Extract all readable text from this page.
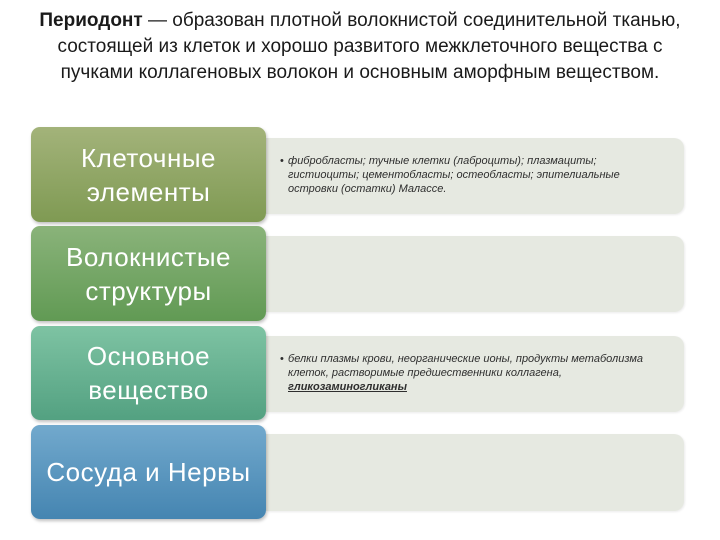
Периодонт — образован плотной волокнистой соединительной тканью, состоящей из клеток и хорошо развитого межклеточного вещества с пучками коллагеновых волокон и основным аморфным веществом.
Клеточные элементы
• фибробласты; тучные клетки (лаброциты); плазмациты; гистиоциты; цементобласты; остеобласты; эпителиальные островки (остатки) Малассе.
Волокнистые структуры
Основное вещество
• белки плазмы крови, неорганические ионы, продукты метаболизма клеток, растворимые предшественники коллагена, гликозаминогликаны
Сосуда и Нервы
